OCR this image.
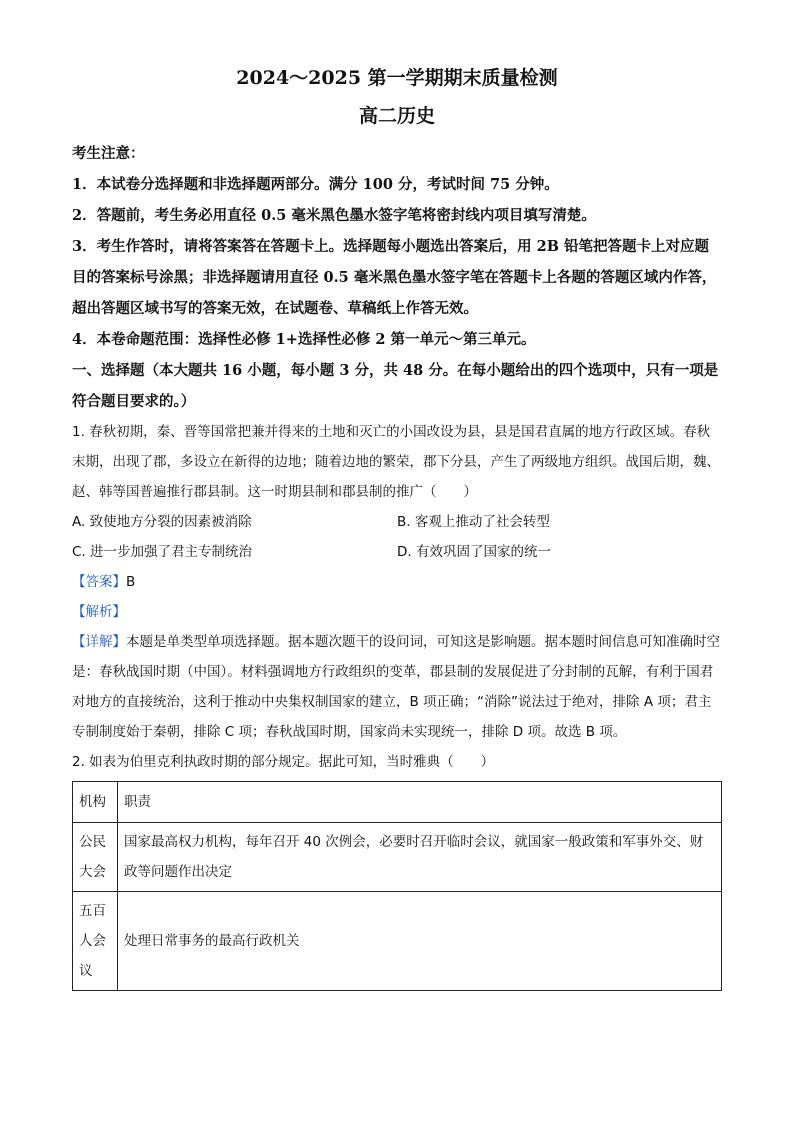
2024～2025 第一学期期末质量检测
高二历史

考生注意：

1．本试卷分选择题和非选择题两部分。满分 100 分，考试时间 75 分钟。

2．答题前，考生务必用直径 0.5 毫米黑色墨水签字笔将密封线内项目填写清楚。

3．考生作答时，请将答案答在答题卡上。选择题每小题选出答案后，用 2B 铅笔把答题卡上对应题目的答案标号涂黑；非选择题请用直径 0.5 毫米黑色墨水签字笔在答题卡上各题的答题区域内作答，超出答题区域书写的答案无效，在试题卷、草稿纸上作答无效。

4．本卷命题范围：选择性必修 1+选择性必修 2 第一单元～第三单元。

一、选择题（本大题共 16 小题，每小题 3 分，共 48 分。在每小题给出的四个选项中，只有一项是符合题目要求的。）

1. 春秋初期，秦、晋等国常把兼并得来的土地和灭亡的小国改设为县，县是国君直属的地方行政区域。春秋末期，出现了郡，多设立在新得的边地；随着边地的繁荣，郡下分县，产生了两级地方组织。战国后期，魏、赵、韩等国普遍推行郡县制。这一时期县制和郡县制的推广（　　）

A. 致使地方分裂的因素被消除	B. 客观上推动了社会转型
C. 进一步加强了君主专制统治	D. 有效巩固了国家的统一

【答案】B

【解析】

【详解】本题是单类型单项选择题。据本题次题干的设问词，可知这是影响题。据本题时间信息可知准确时空是：春秋战国时期（中国）。材料强调地方行政组织的变革，郡县制的发展促进了分封制的瓦解，有利于国君对地方的直接统治，这利于推动中央集权制国家的建立，B 项正确；“消除”说法过于绝对，排除 A 项；君主专制制度始于秦朝，排除 C 项；春秋战国时期，国家尚未实现统一，排除 D 项。故选 B 项。

2. 如表为伯里克利执政时期的部分规定。据此可知，当时雅典（　　）

机构	职责
公民大会	国家最高权力机构，每年召开 40 次例会，必要时召开临时会议，就国家一般政策和军事外交、财政等问题作出决定
五百人会议	处理日常事务的最高行政机关
